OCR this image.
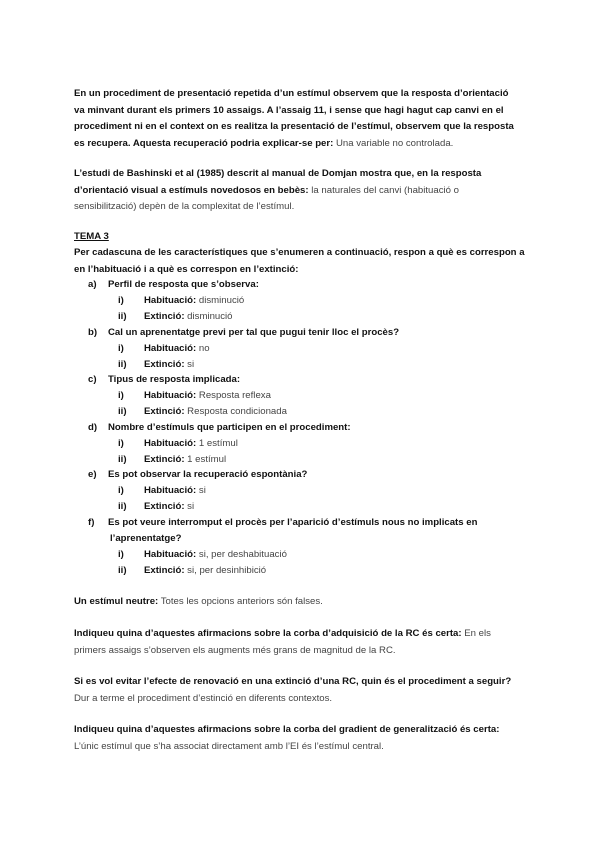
En un procediment de presentació repetida d’un estímul observem que la resposta d’orientació
va minvant durant els primers 10 assaigs. A l’assaig 11, i sense que hagi hagut cap canvi en el
procediment ni en el context on es realitza la presentació de l’estímul, observem que la resposta
es recupera. Aquesta recuperació podria explicar-se per: Una variable no controlada.
L’estudi de Bashinski et al (1985) descrit al manual de Domjan mostra que, en la resposta
d’orientació visual a estímuls novedosos en bebès: la naturales del canvi (habituació o
sensibilització) depèn de la complexitat de l’estímul.
TEMA 3
Per cadascuna de les característiques que s’enumeren a continuació, respon a què es correspon a
en l’habituació i a què es correspon en l’extinció:
a) Perfil de resposta que s’observa:
i) Habituació: disminució
ii) Extinció: disminució
b) Cal un aprenentatge previ per tal que pugui tenir lloc el procès?
i) Habituació: no
ii) Extinció: si
c) Tipus de resposta implicada:
i) Habituació: Resposta reflexa
ii) Extinció: Resposta condicionada
d) Nombre d’estímuls que participen en el procediment:
i) Habituació: 1 estímul
ii) Extinció: 1 estímul
e) Es pot observar la recuperació espontània?
i) Habituació: si
ii) Extinció: si
f) Es pot veure interromput el procès per l’aparició d’estímuls nous no implicats en
l’aprenentatge?
i) Habituació: si, per deshabituació
ii) Extinció: si, per desinhibició
Un estímul neutre: Totes les opcions anteriors són falses.
Indiqueu quina d’aquestes afirmacions sobre la corba d’adquisició de la RC és certa: En els
primers assaigs s’observen els augments més grans de magnitud de la RC.
Si es vol evitar l’efecte de renovació en una extinció d’una RC, quin és el procediment a seguir?
Dur a terme el procediment d’estinció en diferents contextos.
Indiqueu quina d’aquestes afirmacions sobre la corba del gradient de generalització és certa:
L’únic estímul que s’ha associat directament amb l’EI és l’estímul central.
